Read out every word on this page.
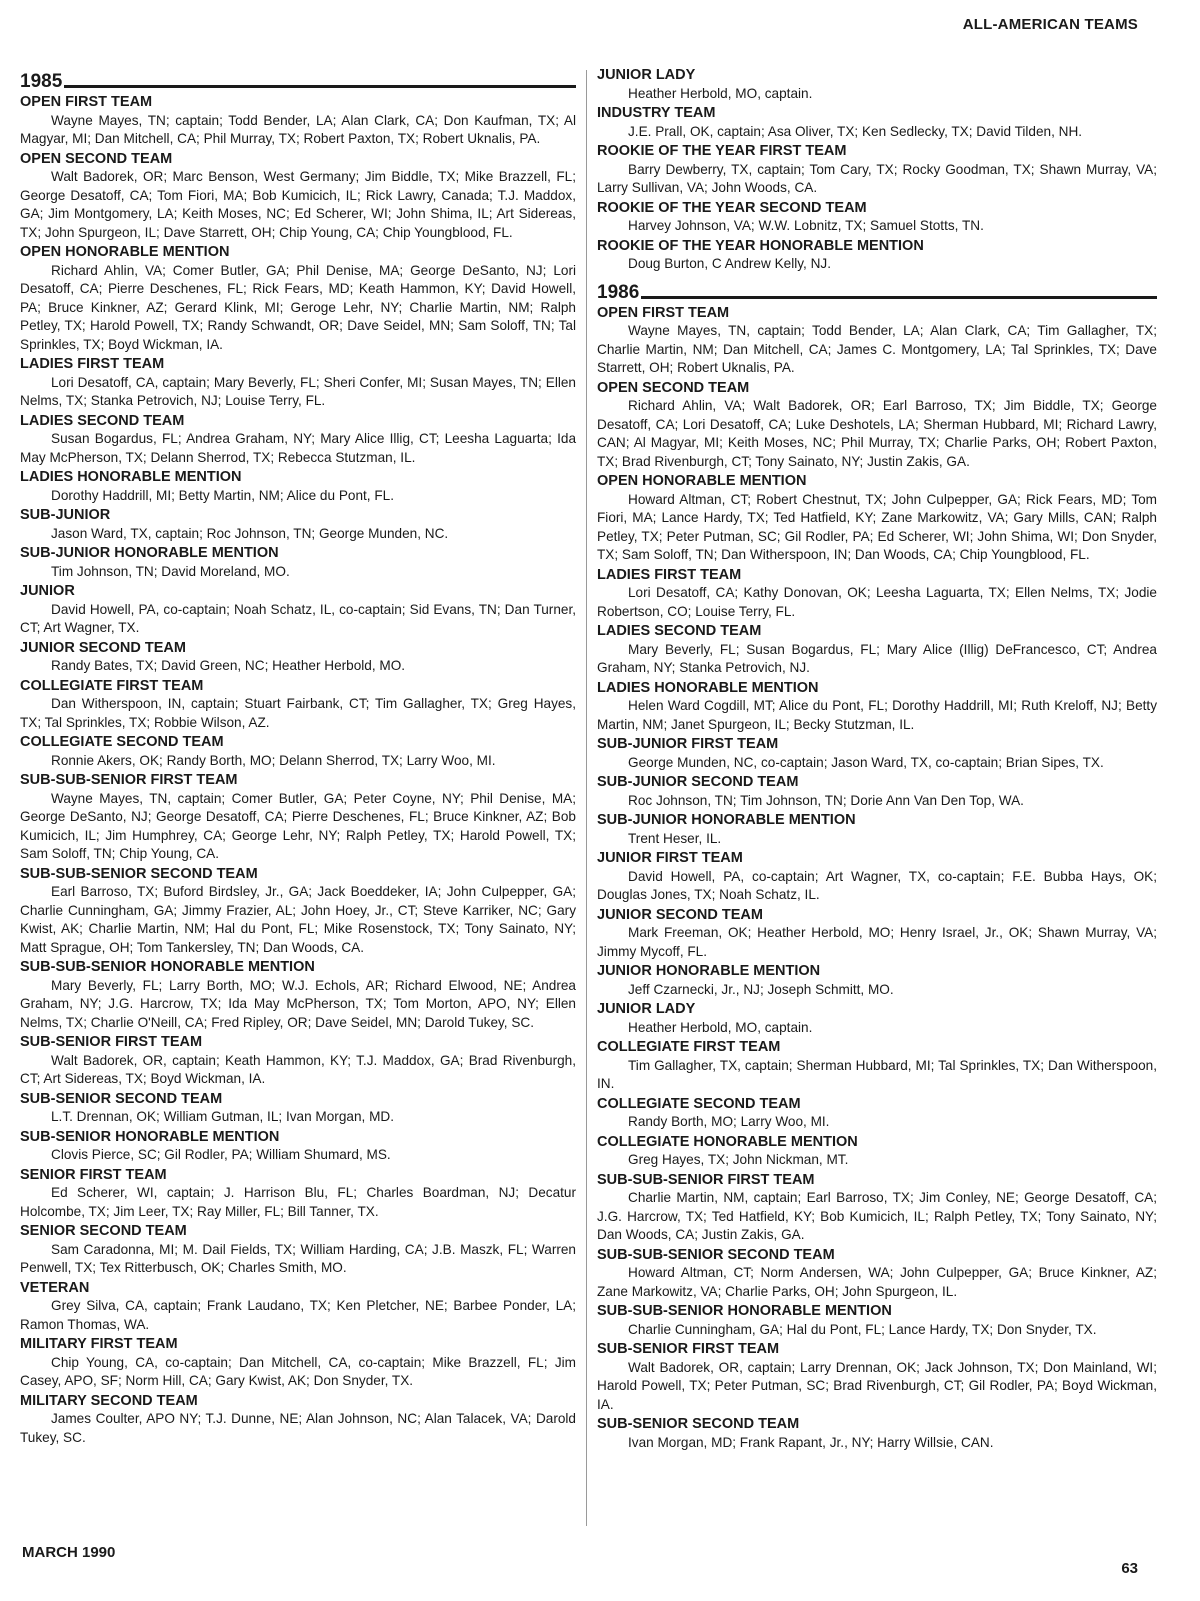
ALL-AMERICAN TEAMS
1985
OPEN FIRST TEAM
Wayne Mayes, TN; captain; Todd Bender, LA; Alan Clark, CA; Don Kaufman, TX; Al Magyar, MI; Dan Mitchell, CA; Phil Murray, TX; Robert Paxton, TX; Robert Uknalis, PA.
OPEN SECOND TEAM
Walt Badorek, OR; Marc Benson, West Germany; Jim Biddle, TX; Mike Brazzell, FL; George Desatoff, CA; Tom Fiori, MA; Bob Kumicich, IL; Rick Lawry, Canada; T.J. Maddox, GA; Jim Montgomery, LA; Keith Moses, NC; Ed Scherer, WI; John Shima, IL; Art Sidereas, TX; John Spurgeon, IL; Dave Starrett, OH; Chip Young, CA; Chip Youngblood, FL.
OPEN HONORABLE MENTION
Richard Ahlin, VA; Comer Butler, GA; Phil Denise, MA; George DeSanto, NJ; Lori Desatoff, CA; Pierre Deschenes, FL; Rick Fears, MD; Keath Hammon, KY; David Howell, PA; Bruce Kinkner, AZ; Gerard Klink, MI; Geroge Lehr, NY; Charlie Martin, NM; Ralph Petley, TX; Harold Powell, TX; Randy Schwandt, OR; Dave Seidel, MN; Sam Soloff, TN; Tal Sprinkles, TX; Boyd Wickman, IA.
LADIES FIRST TEAM
Lori Desatoff, CA, captain; Mary Beverly, FL; Sheri Confer, MI; Susan Mayes, TN; Ellen Nelms, TX; Stanka Petrovich, NJ; Louise Terry, FL.
LADIES SECOND TEAM
Susan Bogardus, FL; Andrea Graham, NY; Mary Alice Illig, CT; Leesha Laguarta; Ida May McPherson, TX; Delann Sherrod, TX; Rebecca Stutzman, IL.
LADIES HONORABLE MENTION
Dorothy Haddrill, MI; Betty Martin, NM; Alice du Pont, FL.
SUB-JUNIOR
Jason Ward, TX, captain; Roc Johnson, TN; George Munden, NC.
SUB-JUNIOR HONORABLE MENTION
Tim Johnson, TN; David Moreland, MO.
JUNIOR
David Howell, PA, co-captain; Noah Schatz, IL, co-captain; Sid Evans, TN; Dan Turner, CT; Art Wagner, TX.
JUNIOR SECOND TEAM
Randy Bates, TX; David Green, NC; Heather Herbold, MO.
COLLEGIATE FIRST TEAM
Dan Witherspoon, IN, captain; Stuart Fairbank, CT; Tim Gallagher, TX; Greg Hayes, TX; Tal Sprinkles, TX; Robbie Wilson, AZ.
COLLEGIATE SECOND TEAM
Ronnie Akers, OK; Randy Borth, MO; Delann Sherrod, TX; Larry Woo, MI.
SUB-SUB-SENIOR FIRST TEAM
Wayne Mayes, TN, captain; Comer Butler, GA; Peter Coyne, NY; Phil Denise, MA; George DeSanto, NJ; George Desatoff, CA; Pierre Deschenes, FL; Bruce Kinkner, AZ; Bob Kumicich, IL; Jim Humphrey, CA; George Lehr, NY; Ralph Petley, TX; Harold Powell, TX; Sam Soloff, TN; Chip Young, CA.
SUB-SUB-SENIOR SECOND TEAM
Earl Barroso, TX; Buford Birdsley, Jr., GA; Jack Boeddeker, IA; John Culpepper, GA; Charlie Cunningham, GA; Jimmy Frazier, AL; John Hoey, Jr., CT; Steve Karriker, NC; Gary Kwist, AK; Charlie Martin, NM; Hal du Pont, FL; Mike Rosenstock, TX; Tony Sainato, NY; Matt Sprague, OH; Tom Tankersley, TN; Dan Woods, CA.
SUB-SUB-SENIOR HONORABLE MENTION
Mary Beverly, FL; Larry Borth, MO; W.J. Echols, AR; Richard Elwood, NE; Andrea Graham, NY; J.G. Harcrow, TX; Ida May McPherson, TX; Tom Morton, APO, NY; Ellen Nelms, TX; Charlie O'Neill, CA; Fred Ripley, OR; Dave Seidel, MN; Darold Tukey, SC.
SUB-SENIOR FIRST TEAM
Walt Badorek, OR, captain; Keath Hammon, KY; T.J. Maddox, GA; Brad Rivenburgh, CT; Art Sidereas, TX; Boyd Wickman, IA.
SUB-SENIOR SECOND TEAM
L.T. Drennan, OK; William Gutman, IL; Ivan Morgan, MD.
SUB-SENIOR HONORABLE MENTION
Clovis Pierce, SC; Gil Rodler, PA; William Shumard, MS.
SENIOR FIRST TEAM
Ed Scherer, WI, captain; J. Harrison Blu, FL; Charles Boardman, NJ; Decatur Holcombe, TX; Jim Leer, TX; Ray Miller, FL; Bill Tanner, TX.
SENIOR SECOND TEAM
Sam Caradonna, MI; M. Dail Fields, TX; William Harding, CA; J.B. Maszk, FL; Warren Penwell, TX; Tex Ritterbusch, OK; Charles Smith, MO.
VETERAN
Grey Silva, CA, captain; Frank Laudano, TX; Ken Pletcher, NE; Barbee Ponder, LA; Ramon Thomas, WA.
MILITARY FIRST TEAM
Chip Young, CA, co-captain; Dan Mitchell, CA, co-captain; Mike Brazzell, FL; Jim Casey, APO, SF; Norm Hill, CA; Gary Kwist, AK; Don Snyder, TX.
MILITARY SECOND TEAM
James Coulter, APO NY; T.J. Dunne, NE; Alan Johnson, NC; Alan Talacek, VA; Darold Tukey, SC.
JUNIOR LADY
Heather Herbold, MO, captain.
INDUSTRY TEAM
J.E. Prall, OK, captain; Asa Oliver, TX; Ken Sedlecky, TX; David Tilden, NH.
ROOKIE OF THE YEAR FIRST TEAM
Barry Dewberry, TX, captain; Tom Cary, TX; Rocky Goodman, TX; Shawn Murray, VA; Larry Sullivan, VA; John Woods, CA.
ROOKIE OF THE YEAR SECOND TEAM
Harvey Johnson, VA; W.W. Lobnitz, TX; Samuel Stotts, TN.
ROOKIE OF THE YEAR HONORABLE MENTION
Doug Burton, C Andrew Kelly, NJ.
1986
OPEN FIRST TEAM
Wayne Mayes, TN, captain; Todd Bender, LA; Alan Clark, CA; Tim Gallagher, TX; Charlie Martin, NM; Dan Mitchell, CA; James C. Montgomery, LA; Tal Sprinkles, TX; Dave Starrett, OH; Robert Uknalis, PA.
OPEN SECOND TEAM
Richard Ahlin, VA; Walt Badorek, OR; Earl Barroso, TX; Jim Biddle, TX; George Desatoff, CA; Lori Desatoff, CA; Luke Deshotels, LA; Sherman Hubbard, MI; Richard Lawry, CAN; Al Magyar, MI; Keith Moses, NC; Phil Murray, TX; Charlie Parks, OH; Robert Paxton, TX; Brad Rivenburgh, CT; Tony Sainato, NY; Justin Zakis, GA.
OPEN HONORABLE MENTION
Howard Altman, CT; Robert Chestnut, TX; John Culpepper, GA; Rick Fears, MD; Tom Fiori, MA; Lance Hardy, TX; Ted Hatfield, KY; Zane Markowitz, VA; Gary Mills, CAN; Ralph Petley, TX; Peter Putman, SC; Gil Rodler, PA; Ed Scherer, WI; John Shima, WI; Don Snyder, TX; Sam Soloff, TN; Dan Witherspoon, IN; Dan Woods, CA; Chip Youngblood, FL.
LADIES FIRST TEAM
Lori Desatoff, CA; Kathy Donovan, OK; Leesha Laguarta, TX; Ellen Nelms, TX; Jodie Robertson, CO; Louise Terry, FL.
LADIES SECOND TEAM
Mary Beverly, FL; Susan Bogardus, FL; Mary Alice (Illig) DeFrancesco, CT; Andrea Graham, NY; Stanka Petrovich, NJ.
LADIES HONORABLE MENTION
Helen Ward Cogdill, MT; Alice du Pont, FL; Dorothy Haddrill, MI; Ruth Kreloff, NJ; Betty Martin, NM; Janet Spurgeon, IL; Becky Stutzman, IL.
SUB-JUNIOR FIRST TEAM
George Munden, NC, co-captain; Jason Ward, TX, co-captain; Brian Sipes, TX.
SUB-JUNIOR SECOND TEAM
Roc Johnson, TN; Tim Johnson, TN; Dorie Ann Van Den Top, WA.
SUB-JUNIOR HONORABLE MENTION
Trent Heser, IL.
JUNIOR FIRST TEAM
David Howell, PA, co-captain; Art Wagner, TX, co-captain; F.E. Bubba Hays, OK; Douglas Jones, TX; Noah Schatz, IL.
JUNIOR SECOND TEAM
Mark Freeman, OK; Heather Herbold, MO; Henry Israel, Jr., OK; Shawn Murray, VA; Jimmy Mycoff, FL.
JUNIOR HONORABLE MENTION
Jeff Czarnecki, Jr., NJ; Joseph Schmitt, MO.
JUNIOR LADY
Heather Herbold, MO, captain.
COLLEGIATE FIRST TEAM
Tim Gallagher, TX, captain; Sherman Hubbard, MI; Tal Sprinkles, TX; Dan Witherspoon, IN.
COLLEGIATE SECOND TEAM
Randy Borth, MO; Larry Woo, MI.
COLLEGIATE HONORABLE MENTION
Greg Hayes, TX; John Nickman, MT.
SUB-SUB-SENIOR FIRST TEAM
Charlie Martin, NM, captain; Earl Barroso, TX; Jim Conley, NE; George Desatoff, CA; J.G. Harcrow, TX; Ted Hatfield, KY; Bob Kumicich, IL; Ralph Petley, TX; Tony Sainato, NY; Dan Woods, CA; Justin Zakis, GA.
SUB-SUB-SENIOR SECOND TEAM
Howard Altman, CT; Norm Andersen, WA; John Culpepper, GA; Bruce Kinkner, AZ; Zane Markowitz, VA; Charlie Parks, OH; John Spurgeon, IL.
SUB-SUB-SENIOR HONORABLE MENTION
Charlie Cunningham, GA; Hal du Pont, FL; Lance Hardy, TX; Don Snyder, TX.
SUB-SENIOR FIRST TEAM
Walt Badorek, OR, captain; Larry Drennan, OK; Jack Johnson, TX; Don Mainland, WI; Harold Powell, TX; Peter Putman, SC; Brad Rivenburgh, CT; Gil Rodler, PA; Boyd Wickman, IA.
SUB-SENIOR SECOND TEAM
Ivan Morgan, MD; Frank Rapant, Jr., NY; Harry Willsie, CAN.
MARCH 1990
63
